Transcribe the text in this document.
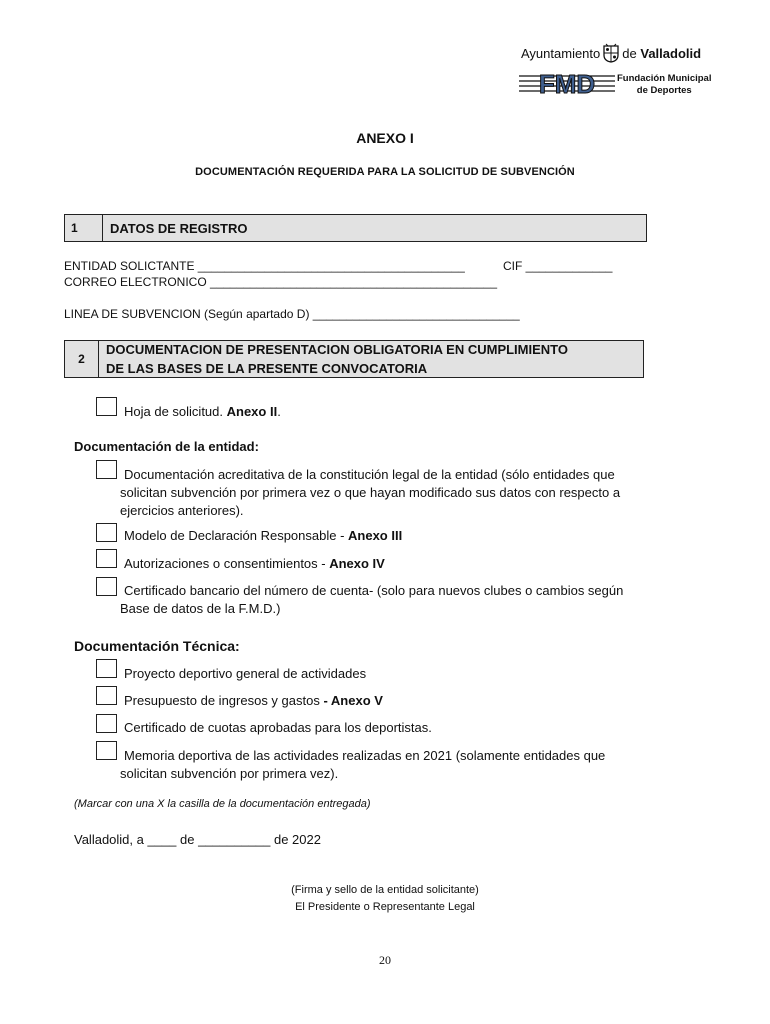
Ayuntamiento de
Valladolid
FMD Fundación Municipal
de Deportes
ANEXO I
DOCUMENTACIÓN REQUERIDA PARA LA SOLICITUD DE SUBVENCIÓN
1	DATOS DE REGISTRO
ENTIDAD SOLICTANTE ________________________________________	CIF _____________
CORREO ELECTRONICO ___________________________________________
LINEA DE SUBVENCION (Según apartado D) _______________________________
2
DOCUMENTACION DE PRESENTACION OBLIGATORIA EN CUMPLIMIENTO
DE LAS BASES DE LA PRESENTE CONVOCATORIA
Hoja de solicitud. Anexo II.
Documentación de la entidad:
Documentación acreditativa de la constitución legal de la entidad (sólo entidades que
solicitan subvención por primera vez o que hayan modificado sus datos con respecto a
ejercicios anteriores).
Modelo de Declaración Responsable - Anexo III
Autorizaciones o consentimientos - Anexo IV
Certificado bancario del número de cuenta- (solo para nuevos clubes o cambios según
Base de datos de la F.M.D.)
Documentación Técnica:
Proyecto deportivo general de actividades
Presupuesto de ingresos y gastos - Anexo V
Certificado de cuotas aprobadas para los deportistas.
Memoria deportiva de las actividades realizadas en 2021 (solamente entidades que
solicitan subvención por primera vez).
(Marcar con una X la casilla de la documentación entregada)
Valladolid, a ____ de __________ de 2022
(Firma y sello de la entidad solicitante)
El Presidente o Representante Legal
20
